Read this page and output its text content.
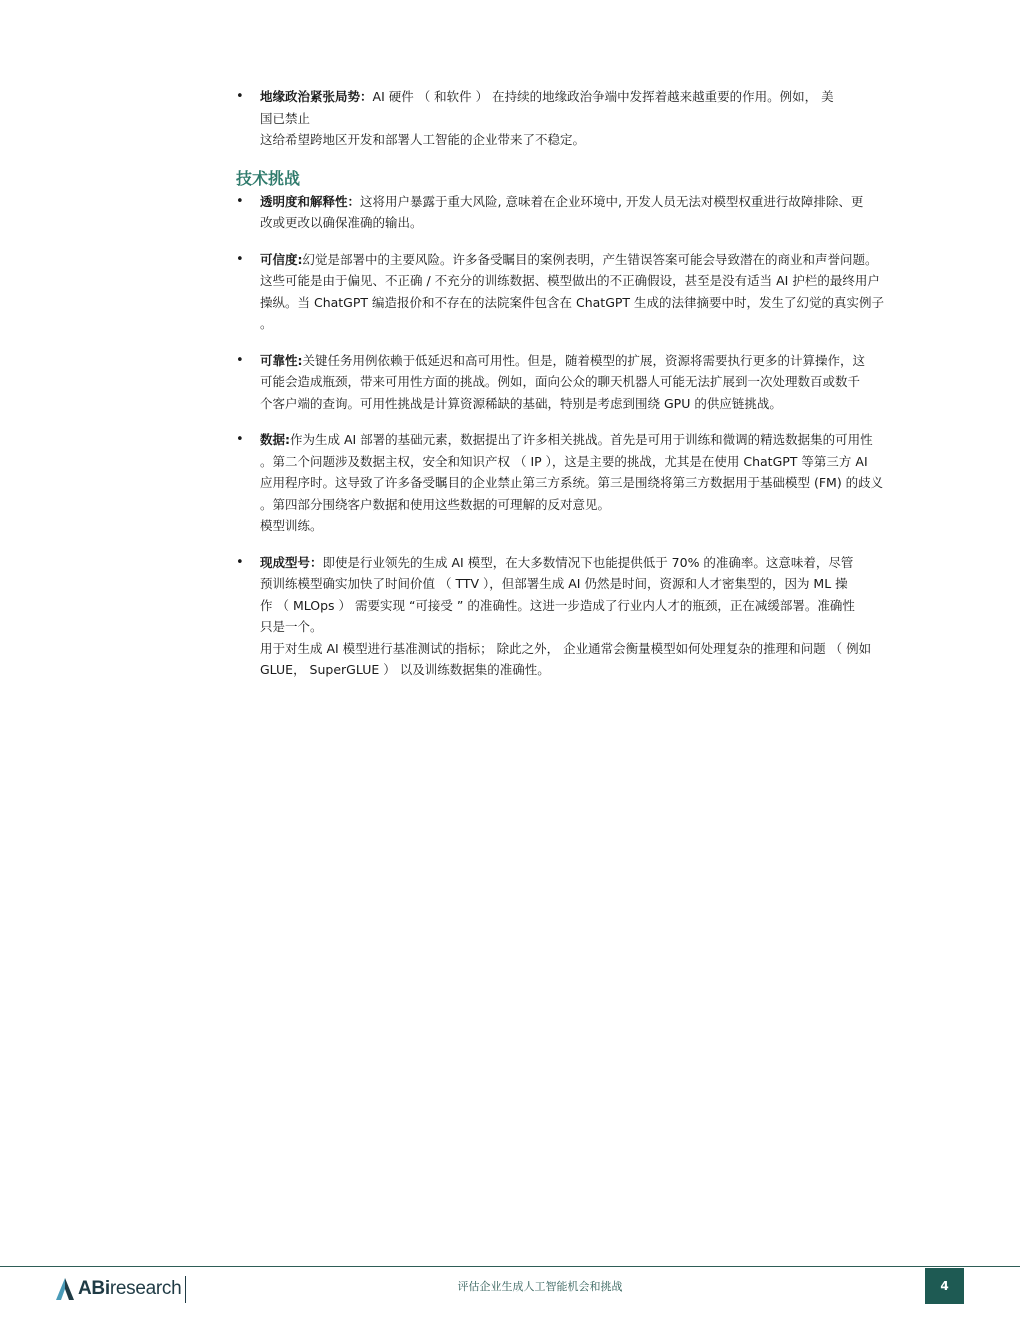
• 地缘政治紧张局势：AI 硬件 （ 和软件 ） 在持续的地缘政治争端中发挥着越来越重要的作用。例如， 美
国已禁止
这给希望跨地区开发和部署人工智能的企业带来了不稳定。
技术挑战
• 透明度和解释性：这将用户暴露于重大风险, 意味着在企业环境中, 开发人员无法对模型权重进行故障排除、更
改或更改以确保准确的输出。
• 可信度:幻觉是部署中的主要风险。许多备受瞩目的案例表明，产生错误答案可能会导致潜在的商业和声誉问题。
这些可能是由于偏见、不正确 / 不充分的训练数据、模型做出的不正确假设，甚至是没有适当 AI 护栏的最终用户
操纵。当 ChatGPT 编造报价和不存在的法院案件包含在 ChatGPT 生成的法律摘要中时，发生了幻觉的真实例子
。
• 可靠性:关键任务用例依赖于低延迟和高可用性。但是，随着模型的扩展，资源将需要执行更多的计算操作，这
可能会造成瓶颈，带来可用性方面的挑战。例如，面向公众的聊天机器人可能无法扩展到一次处理数百或数千
个客户端的查询。可用性挑战是计算资源稀缺的基础，特别是考虑到围绕 GPU 的供应链挑战。
• 数据:作为生成 AI 部署的基础元素，数据提出了许多相关挑战。首先是可用于训练和微调的精选数据集的可用性
。第二个问题涉及数据主权，安全和知识产权 （ IP ），这是主要的挑战，尤其是在使用 ChatGPT 等第三方 AI
应用程序时。这导致了许多备受瞩目的企业禁止第三方系统。第三是围绕将第三方数据用于基础模型 (FM) 的歧义
。第四部分围绕客户数据和使用这些数据的可理解的反对意见。
模型训练。
• 现成型号：即使是行业领先的生成 AI 模型，在大多数情况下也能提供低于 70% 的准确率。这意味着，尽管
预训练模型确实加快了时间价值 （ TTV ），但部署生成 AI 仍然是时间，资源和人才密集型的，因为 ML 操
作 （ MLOps ） 需要实现 “可接受 ” 的准确性。这进一步造成了行业内人才的瓶颈，正在减缓部署。准确性
只是一个。
用于对生成 AI 模型进行基准测试的指标； 除此之外， 企业通常会衡量模型如何处理复杂的推理和问题 （ 例如
GLUE， SuperGLUE ） 以及训练数据集的准确性。
ABiresearch	评估企业生成人工智能机会和挑战	4
